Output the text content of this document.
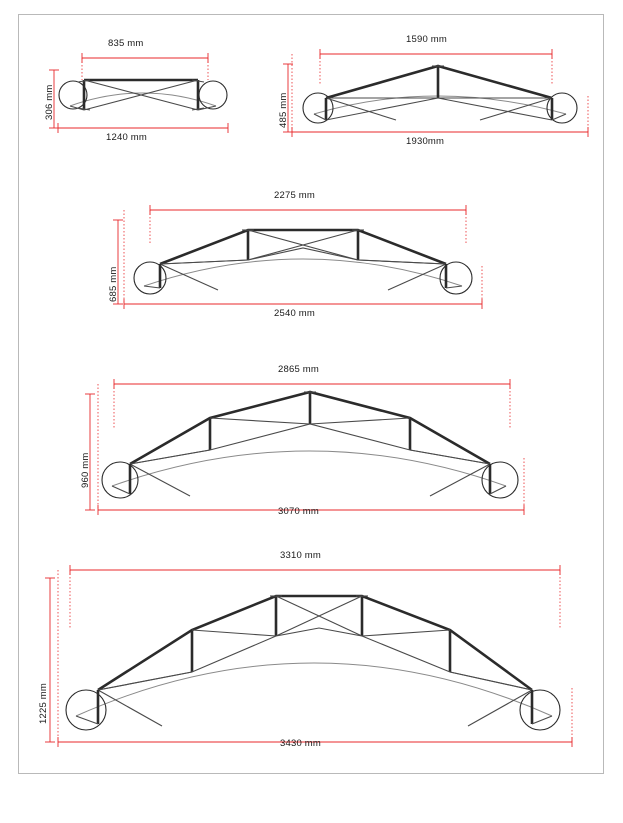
835 mm
1240 mm
306 mm
1590 mm
1930mm
485 mm
2275 mm
2540 mm
685 mm
2865 mm
3070 mm
960 mm
3310 mm
3430 mm
1225 mm
